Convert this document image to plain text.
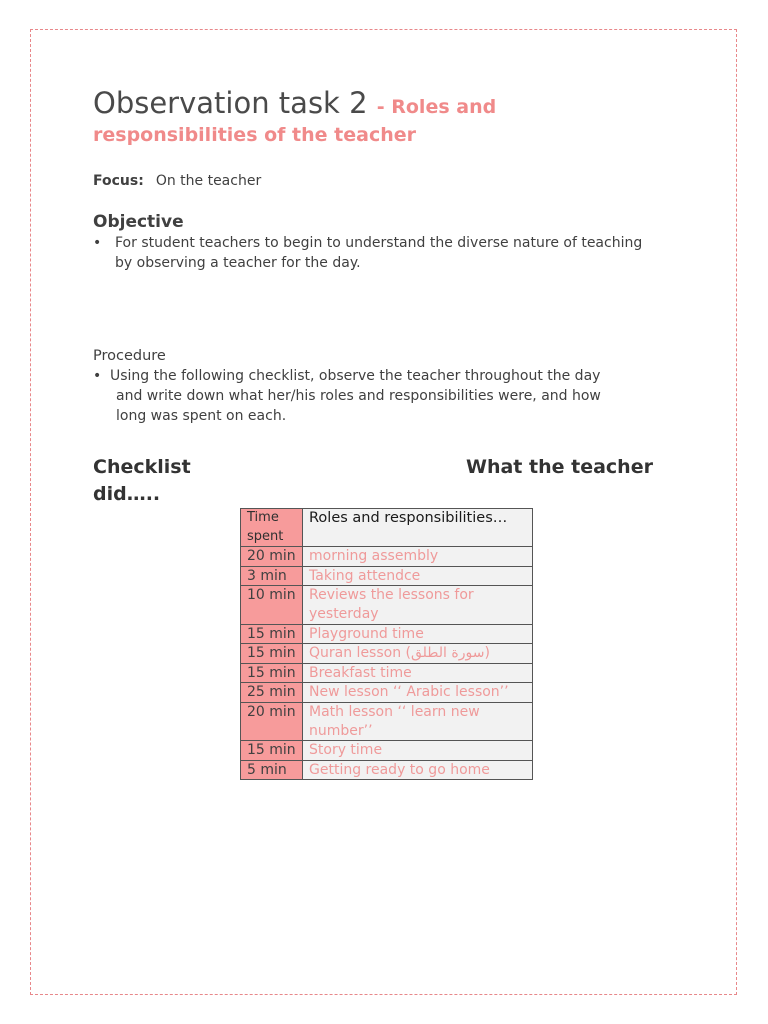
Observation task 2 - Roles and
responsibilities of the teacher
Focus: On the teacher
Objective
• For student teachers to begin to understand the diverse nature of teaching by observing a teacher for the day.
Procedure
• Using the following checklist, observe the teacher throughout the day
and write down what her/his roles and responsibilities were, and how
long was spent on each.
Checklist	What the teacher
did…..
Time spent	Roles and responsibilities…
20 min	morning assembly
3 min	Taking attendce
10 min	Reviews the lessons for yesterday
15 min	Playground time
15 min	Quran lesson (سورة الطلق)
15 min	Breakfast time
25 min	New lesson ‘‘ Arabic lesson’’
20 min	Math lesson ‘‘ learn new number’’
15 min	Story time
5 min	Getting ready to go home
